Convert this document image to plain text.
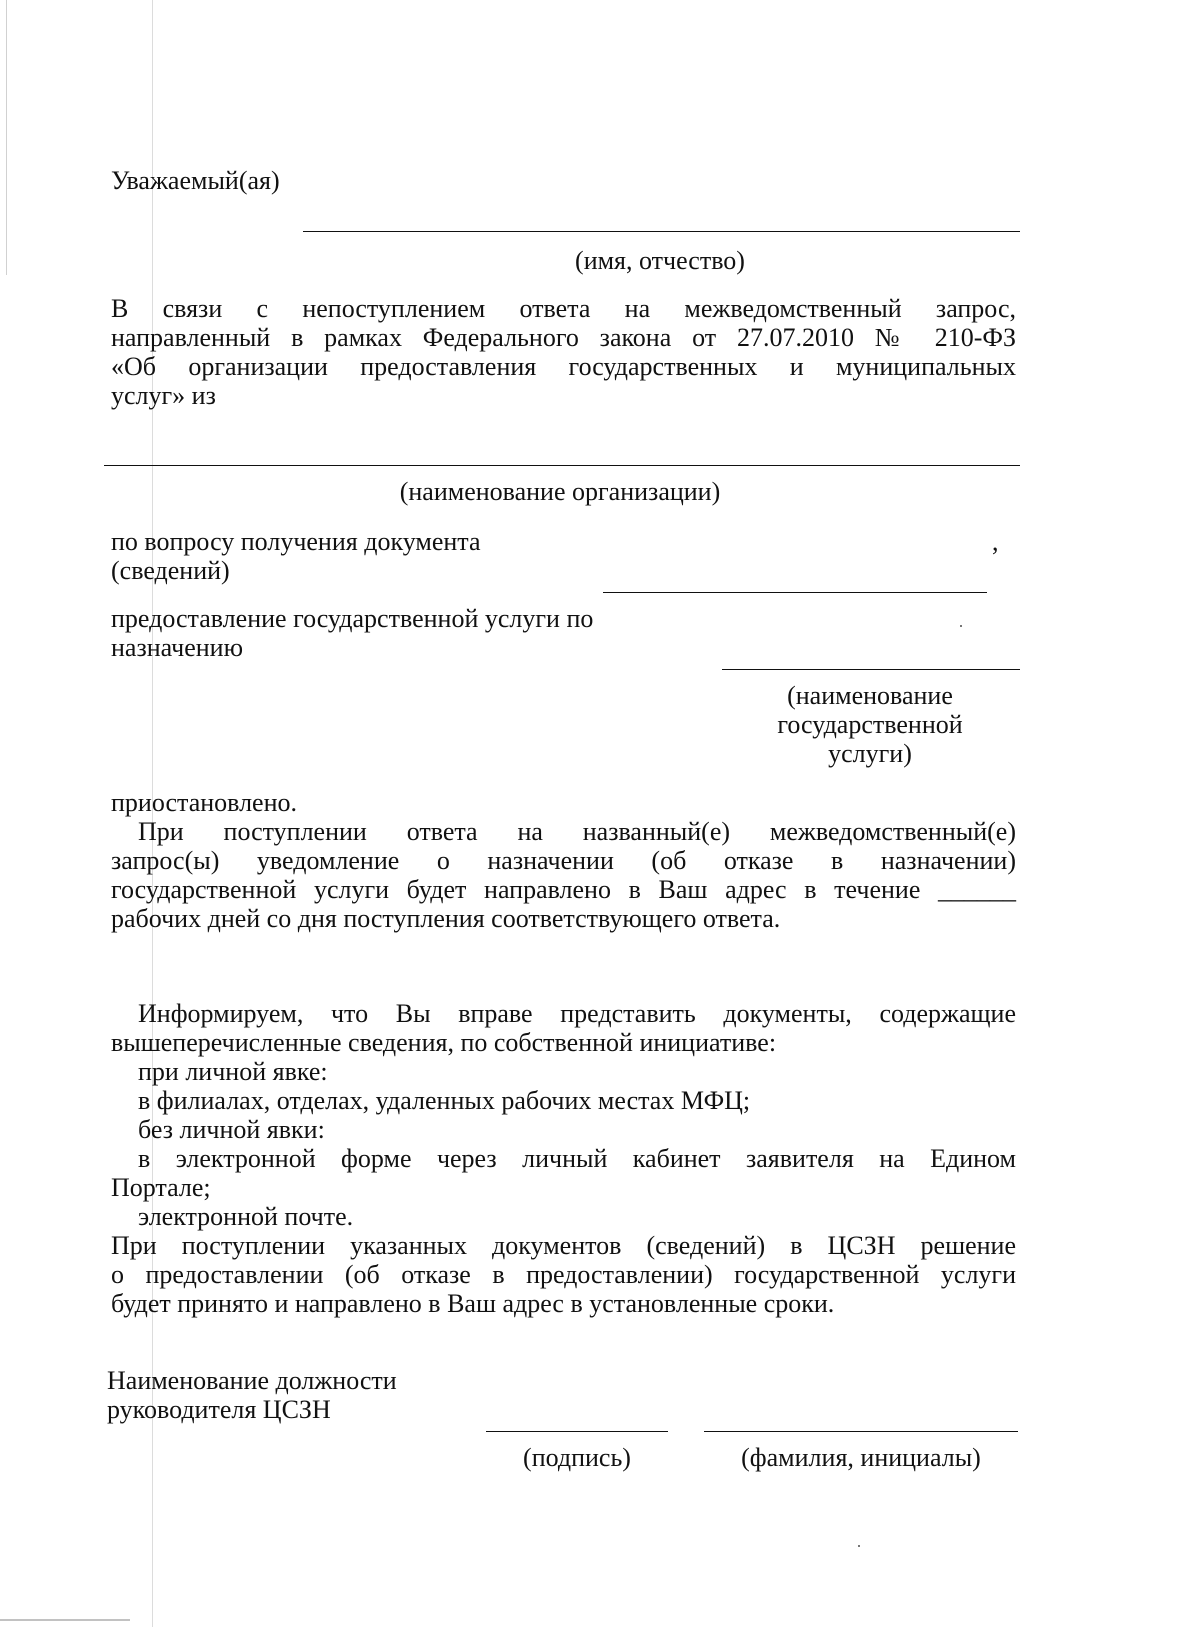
Уважаемый(ая)
(имя, отчество)
В связи с непоступлением ответа на межведомственный запрос,
направленный в рамках Федерального закона от 27.07.2010 № 210-ФЗ
«Об организации предоставления государственных и муниципальных
услуг» из
(наименование организации)
по вопросу получения документа	,
(сведений)
предоставление государственной услуги по
назначению
(наименование
государственной
услуги)
приостановлено.
При поступлении ответа на названный(е) межведомственный(е)
запрос(ы) уведомление о назначении (об отказе в назначении)
государственной услуги будет направлено в Ваш адрес в течение ______
рабочих дней со дня поступления соответствующего ответа.
Информируем, что Вы вправе представить документы, содержащие
вышеперечисленные сведения, по собственной инициативе:
при личной явке:
в филиалах, отделах, удаленных рабочих местах МФЦ;
без личной явки:
в электронной форме через личный кабинет заявителя на Едином
Портале;
электронной почте.
При поступлении указанных документов (сведений) в ЦСЗН решение
о предоставлении (об отказе в предоставлении) государственной услуги
будет принято и направлено в Ваш адрес в установленные сроки.
Наименование должности
руководителя ЦСЗН
(подпись)	(фамилия, инициалы)
